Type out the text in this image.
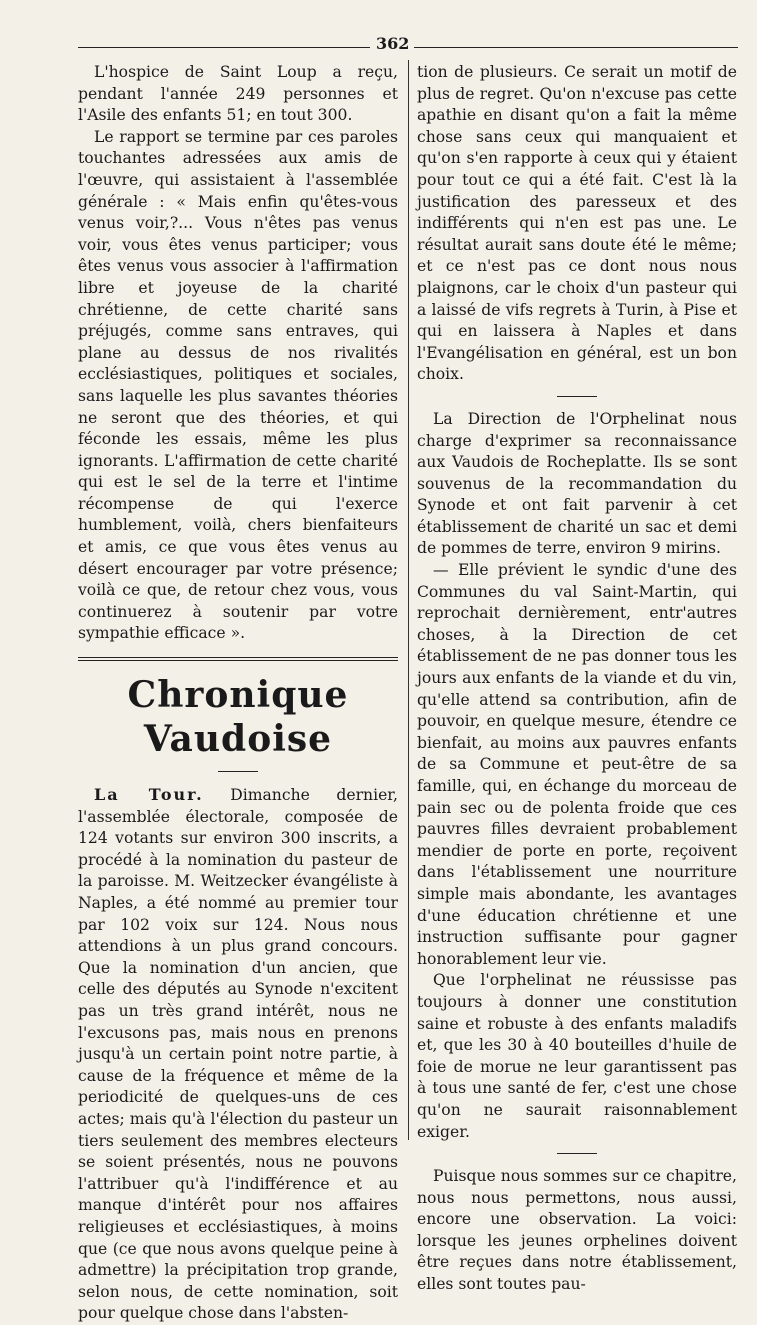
362

L'hospice de Saint Loup a reçu, pendant l'année 249 personnes et l'Asile des enfants 51; en tout 300.

Le rapport se termine par ces paroles touchantes adressées aux amis de l'œuvre, qui assistaient à l'assemblée générale : « Mais enfin qu'êtes-vous venus voir,?... Vous n'êtes pas venus voir, vous êtes venus participer; vous êtes venus vous associer à l'affirmation libre et joyeuse de la charité chrétienne, de cette charité sans préjugés, comme sans entraves, qui plane au dessus de nos rivalités ecclésiastiques, politiques et sociales, sans laquelle les plus savantes théories ne seront que des théories, et qui féconde les essais, même les plus ignorants. L'affirmation de cette charité qui est le sel de la terre et l'intime récompense de qui l'exerce humblement, voilà, chers bienfaiteurs et amis, ce que vous êtes venus au désert encourager par votre présence; voilà ce que, de retour chez vous, vous continuerez à soutenir par votre sympathie efficace ».

Chronique Vaudoise

La Tour. Dimanche dernier, l'assemblée électorale, composée de 124 votants sur environ 300 inscrits, a procédé à la nomination du pasteur de la paroisse. M. Weitzecker évangéliste à Naples, a été nommé au premier tour par 102 voix sur 124. Nous nous attendions à un plus grand concours. Que la nomination d'un ancien, que celle des députés au Synode n'excitent pas un très grand intérêt, nous ne l'excusons pas, mais nous en prenons jusqu'à un certain point notre partie, à cause de la fréquence et même de la periodicité de quelques-uns de ces actes; mais qu'à l'élection du pasteur un tiers seulement des membres electeurs se soient présentés, nous ne pouvons l'attribuer qu'à l'indifférence et au manque d'intérêt pour nos affaires religieuses et ecclésiastiques, à moins que (ce que nous avons quelque peine à admettre) la précipitation trop grande, selon nous, de cette nomination, soit pour quelque chose dans l'absten-

tion de plusieurs. Ce serait un motif de plus de regret. Qu'on n'excuse pas cette apathie en disant qu'on a fait la même chose sans ceux qui manquaient et qu'on s'en rapporte à ceux qui y étaient pour tout ce qui a été fait. C'est là la justification des paresseux et des indifférents qui n'en est pas une. Le résultat aurait sans doute été le même; et ce n'est pas ce dont nous nous plaignons, car le choix d'un pasteur qui a laissé de vifs regrets à Turin, à Pise et qui en laissera à Naples et dans l'Evangélisation en général, est un bon choix.

La Direction de l'Orphelinat nous charge d'exprimer sa reconnaissance aux Vaudois de Rocheplatte. Ils se sont souvenus de la recommandation du Synode et ont fait parvenir à cet établissement de charité un sac et demi de pommes de terre, environ 9 mirins.

— Elle prévient le syndic d'une des Communes du val Saint-Martin, qui reprochait dernièrement, entr'autres choses, à la Direction de cet établissement de ne pas donner tous les jours aux enfants de la viande et du vin, qu'elle attend sa contribution, afin de pouvoir, en quelque mesure, étendre ce bienfait, au moins aux pauvres enfants de sa Commune et peut-être de sa famille, qui, en échange du morceau de pain sec ou de polenta froide que ces pauvres filles devraient probablement mendier de porte en porte, reçoivent dans l'établissement une nourriture simple mais abondante, les avantages d'une éducation chrétienne et une instruction suffisante pour gagner honorablement leur vie.

Que l'orphelinat ne réussisse pas toujours à donner une constitution saine et robuste à des enfants maladifs et, que les 30 à 40 bouteilles d'huile de foie de morue ne leur garantissent pas à tous une santé de fer, c'est une chose qu'on ne saurait raisonnablement exiger.

Puisque nous sommes sur ce chapitre, nous nous permettons, nous aussi, encore une observation. La voici: lorsque les jeunes orphelines doivent être reçues dans notre établissement, elles sont toutes pau-
